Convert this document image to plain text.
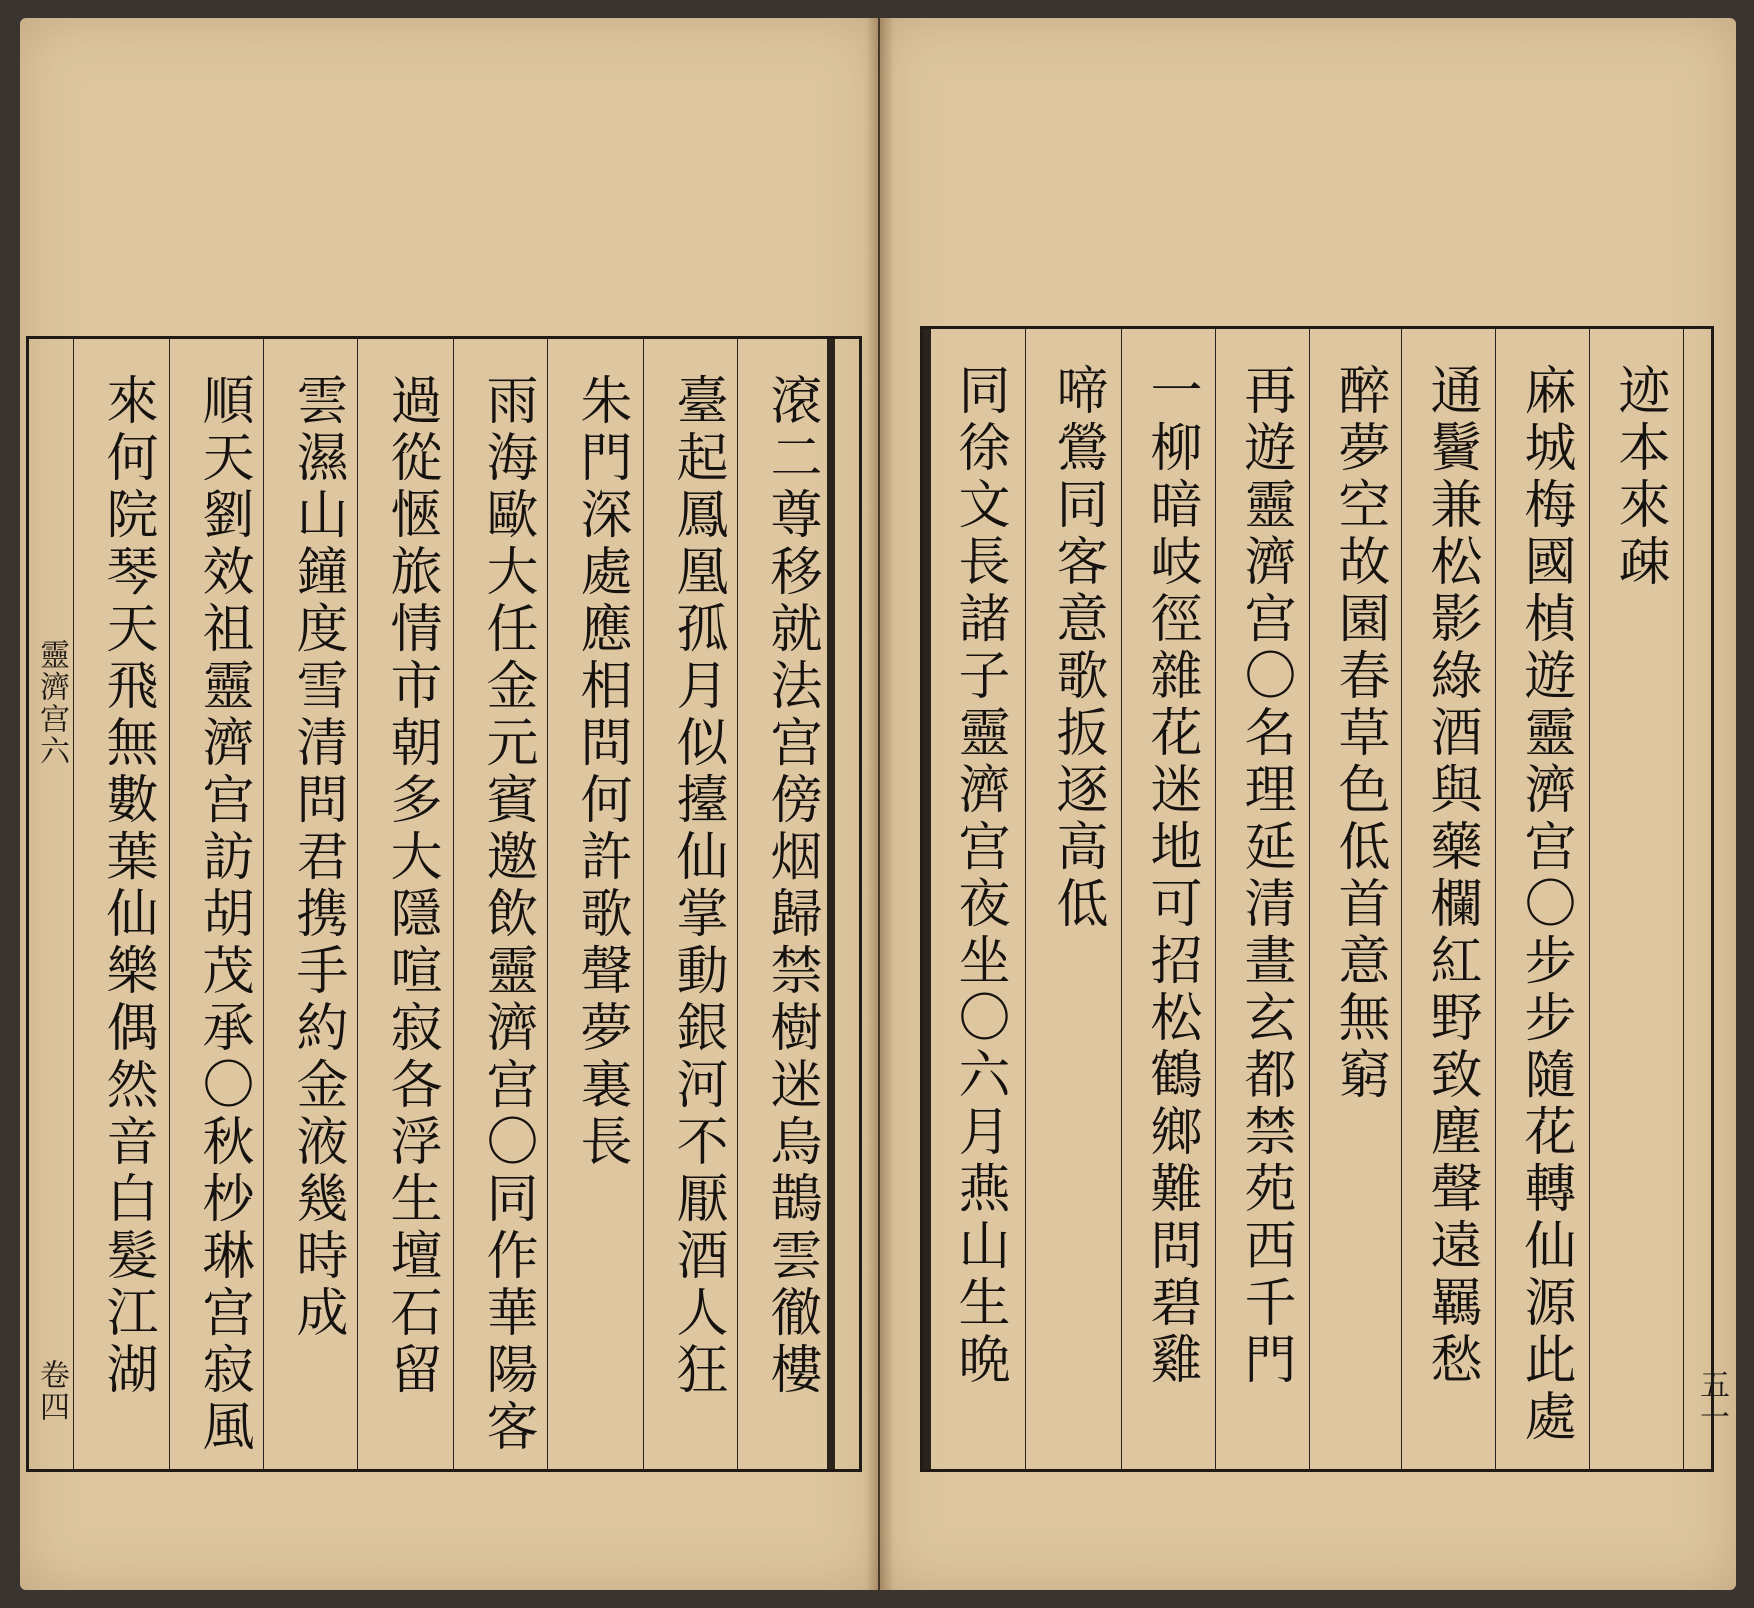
滾二尊移就法宫傍烟歸禁樹迷烏鵲雲徹樓
臺起鳳凰孤月似擡仙掌動銀河不厭酒人狂
朱門深處應相問何許歌聲夢裏長
雨海歐大任金元賓邀飲靈濟宫〇同作華陽客
過從愜旅情市朝多大隱喧寂各浮生壇石留
雲濕山鐘度雪清問君携手約金液幾時成
順天劉效祖靈濟宫訪胡茂承〇秋杪琳宫寂風
來何院琴天飛無數葉仙樂偶然音白髮江湖
靈濟宫六
卷四
迹本來疎
麻城梅國楨遊靈濟宫〇步步隨花轉仙源此處
通鬢兼松影綠酒與藥欄紅野致塵聲遠羈愁
醉夢空故園春草色低首意無窮
再遊靈濟宫〇名理延清晝玄都禁苑西千門
一柳暗岐徑雜花迷地可招松鶴鄉難問碧雞
啼鶯同客意歌扳逐高低
同徐文長諸子靈濟宫夜坐〇六月燕山生晩
五一
